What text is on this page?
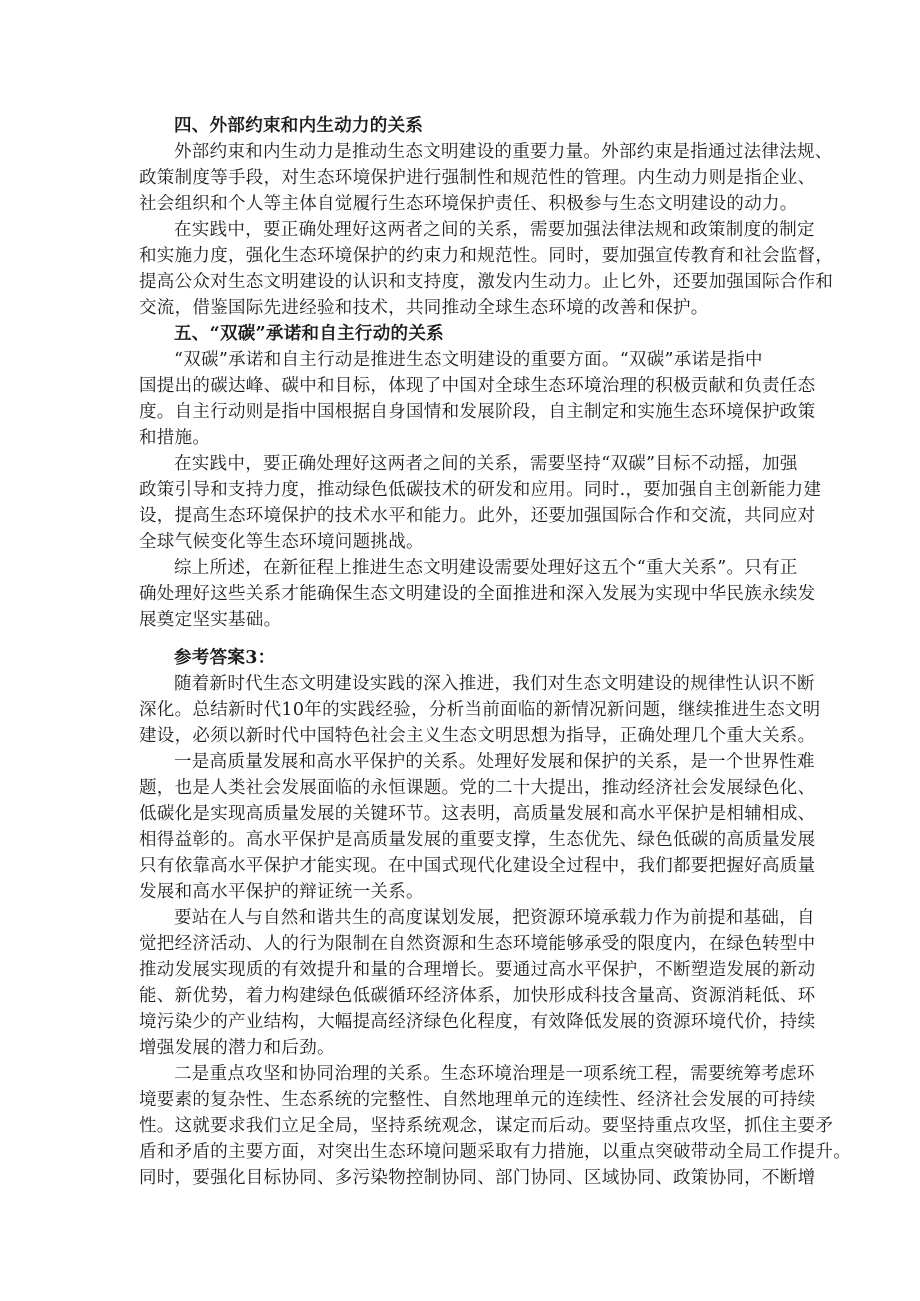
四、外部约束和内生动力的关系
外部约束和内生动力是推动生态文明建设的重要力量。外部约束是指通过法律法规、
政策制度等手段，对生态环境保护进行强制性和规范性的管理。内生动力则是指企业、
社会组织和个人等主体自觉履行生态环境保护责任、积极参与生态文明建设的动力。
在实践中，要正确处理好这两者之间的关系，需要加强法律法规和政策制度的制定
和实施力度，强化生态环境保护的约束力和规范性。同时，要加强宣传教育和社会监督，
提高公众对生态文明建设的认识和支持度，激发内生动力。止匕外，还要加强国际合作和
交流，借鉴国际先进经验和技术，共同推动全球生态环境的改善和保护。
五、“双碳”承诺和自主行动的关系
“双碳”承诺和自主行动是推进生态文明建设的重要方面。“双碳”承诺是指中
国提出的碳达峰、碳中和目标，体现了中国对全球生态环境治理的积极贡献和负责任态
度。自主行动则是指中国根据自身国情和发展阶段，自主制定和实施生态环境保护政策
和措施。
在实践中，要正确处理好这两者之间的关系，需要坚持“双碳”目标不动摇，加强
政策引导和支持力度，推动绿色低碳技术的研发和应用。同时.，要加强自主创新能力建
设，提高生态环境保护的技术水平和能力。此外，还要加强国际合作和交流，共同应对
全球气候变化等生态环境问题挑战。
综上所述，在新征程上推进生态文明建设需要处理好这五个“重大关系”。只有正
确处理好这些关系才能确保生态文明建设的全面推进和深入发展为实现中华民族永续发
展奠定坚实基础。
参考答案3：
随着新时代生态文明建设实践的深入推进，我们对生态文明建设的规律性认识不断
深化。总结新时代10年的实践经验，分析当前面临的新情况新问题，继续推进生态文明
建设，必须以新时代中国特色社会主义生态文明思想为指导，正确处理几个重大关系。
一是高质量发展和高水平保护的关系。处理好发展和保护的关系，是一个世界性难
题，也是人类社会发展面临的永恒课题。党的二十大提出，推动经济社会发展绿色化、
低碳化是实现高质量发展的关键环节。这表明，高质量发展和高水平保护是相辅相成、
相得益彰的。高水平保护是高质量发展的重要支撑，生态优先、绿色低碳的高质量发展
只有依靠高水平保护才能实现。在中国式现代化建设全过程中，我们都要把握好高质量
发展和高水平保护的辩证统一关系。
要站在人与自然和谐共生的高度谋划发展，把资源环境承载力作为前提和基础，自
觉把经济活动、人的行为限制在自然资源和生态环境能够承受的限度内，在绿色转型中
推动发展实现质的有效提升和量的合理增长。要通过高水平保护，不断塑造发展的新动
能、新优势，着力构建绿色低碳循环经济体系，加快形成科技含量高、资源消耗低、环
境污染少的产业结构，大幅提高经济绿色化程度，有效降低发展的资源环境代价，持续
增强发展的潜力和后劲。
二是重点攻坚和协同治理的关系。生态环境治理是一项系统工程，需要统筹考虑环
境要素的复杂性、生态系统的完整性、自然地理单元的连续性、经济社会发展的可持续
性。这就要求我们立足全局，坚持系统观念，谋定而后动。要坚持重点攻坚，抓住主要矛
盾和矛盾的主要方面，对突出生态环境问题采取有力措施，以重点突破带动全局工作提升。
同时，要强化目标协同、多污染物控制协同、部门协同、区域协同、政策协同，不断增
